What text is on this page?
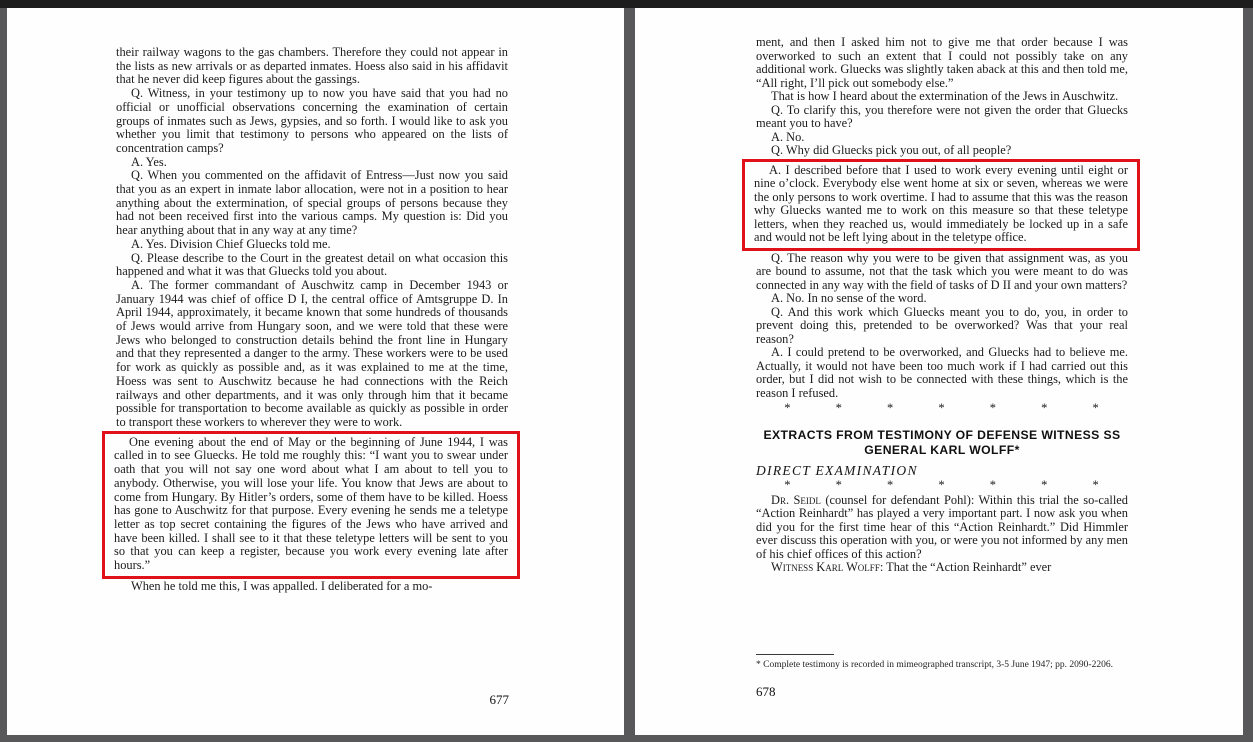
their railway wagons to the gas chambers. Therefore they could not appear in the lists as new arrivals or as departed inmates. Hoess also said in his affidavit that he never did keep figures about the gassings.

Q. Witness, in your testimony up to now you have said that you had no official or unofficial observations concerning the examination of certain groups of inmates such as Jews, gypsies, and so forth. I would like to ask you whether you limit that testimony to persons who appeared on the lists of concentration camps?

A. Yes.

Q. When you commented on the affidavit of Entress—Just now you said that you as an expert in inmate labor allocation, were not in a position to hear anything about the extermination, of special groups of persons because they had not been received first into the various camps. My question is: Did you hear anything about that in any way at any time?

A. Yes. Division Chief Gluecks told me.

Q. Please describe to the Court in the greatest detail on what occasion this happened and what it was that Gluecks told you about.

A. The former commandant of Auschwitz camp in December 1943 or January 1944 was chief of office D I, the central office of Amtsgruppe D. In April 1944, approximately, it became known that some hundreds of thousands of Jews would arrive from Hungary soon, and we were told that these were Jews who belonged to construction details behind the front line in Hungary and that they represented a danger to the army. These workers were to be used for work as quickly as possible and, as it was explained to me at the time, Hoess was sent to Auschwitz because he had connections with the Reich railways and other departments, and it was only through him that it became possible for transportation to become available as quickly as possible in order to transport these workers to wherever they were to work.

One evening about the end of May or the beginning of June 1944, I was called in to see Gluecks. He told me roughly this: “I want you to swear under oath that you will not say one word about what I am about to tell you to anybody. Otherwise, you will lose your life. You know that Jews are about to come from Hungary. By Hitler’s orders, some of them have to be killed. Hoess has gone to Auschwitz for that purpose. Every evening he sends me a teletype letter as top secret containing the figures of the Jews who have arrived and have been killed. I shall see to it that these teletype letters will be sent to you so that you can keep a register, because you work every evening late after hours.”

When he told me this, I was appalled. I deliberated for a mo-

677

ment, and then I asked him not to give me that order because I was overworked to such an extent that I could not possibly take on any additional work. Gluecks was slightly taken aback at this and then told me, “All right, I’ll pick out somebody else.”

That is how I heard about the extermination of the Jews in Auschwitz.

Q. To clarify this, you therefore were not given the order that Gluecks meant you to have?

A. No.

Q. Why did Gluecks pick you out, of all people?

A. I described before that I used to work every evening until eight or nine o’clock. Everybody else went home at six or seven, whereas we were the only persons to work overtime. I had to assume that this was the reason why Gluecks wanted me to work on this measure so that these teletype letters, when they reached us, would immediately be locked up in a safe and would not be left lying about in the teletype office.

Q. The reason why you were to be given that assignment was, as you are bound to assume, not that the task which you were meant to do was connected in any way with the field of tasks of D II and your own matters?

A. No. In no sense of the word.

Q. And this work which Gluecks meant you to do, you, in order to prevent doing this, pretended to be overworked? Was that your real reason?

A. I could pretend to be overworked, and Gluecks had to believe me. Actually, it would not have been too much work if I had carried out this order, but I did not wish to be connected with these things, which is the reason I refused.

* * * * * * *
EXTRACTS FROM TESTIMONY OF DEFENSE WITNESS SS
GENERAL KARL WOLFF*
DIRECT EXAMINATION
* * * * * * *

Dr. Seidl (counsel for defendant Pohl): Within this trial the so-called “Action Reinhardt” has played a very important part. I now ask you when did you for the first time hear of this “Action Reinhardt.” Did Himmler ever discuss this operation with you, or were you not informed by any men of his chief offices of this action?

Witness Karl Wolff: That the “Action Reinhardt” ever

* Complete testimony is recorded in mimeographed transcript, 3-5 June 1947; pp. 2090-2206.
678
